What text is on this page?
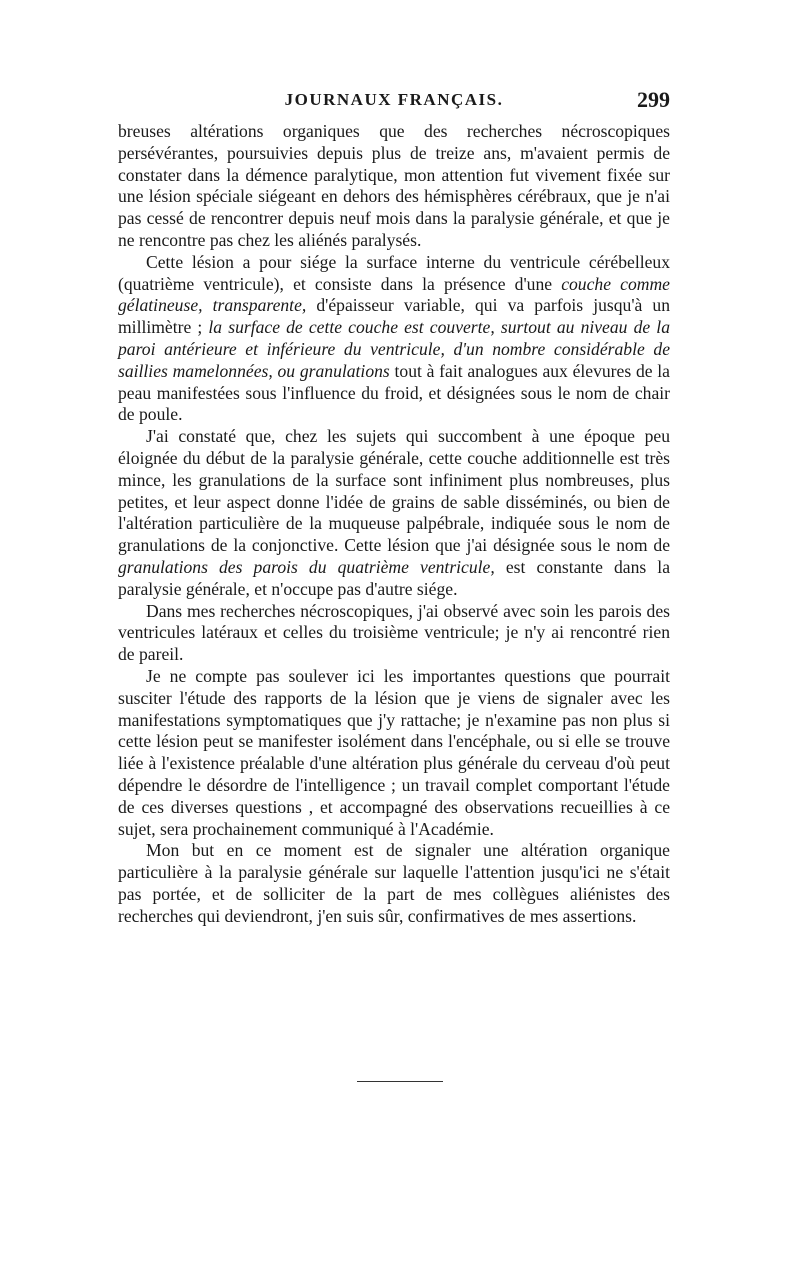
JOURNAUX FRANÇAIS.	299

breuses altérations organiques que des recherches nécroscopiques persévérantes, poursuivies depuis plus de treize ans, m'avaient permis de constater dans la démence paralytique, mon attention fut vivement fixée sur une lésion spéciale siégeant en dehors des hémisphères cérébraux, que je n'ai pas cessé de rencontrer depuis neuf mois dans la paralysie générale, et que je ne rencontre pas chez les aliénés paralysés.

Cette lésion a pour siége la surface interne du ventricule cérébelleux (quatrième ventricule), et consiste dans la présence d'une couche comme gélatineuse, transparente, d'épaisseur variable, qui va parfois jusqu'à un millimètre ; la surface de cette couche est couverte, surtout au niveau de la paroi antérieure et inférieure du ventricule, d'un nombre considérable de saillies mamelonnées, ou granulations tout à fait analogues aux élevures de la peau manifestées sous l'influence du froid, et désignées sous le nom de chair de poule.

J'ai constaté que, chez les sujets qui succombent à une époque peu éloignée du début de la paralysie générale, cette couche additionnelle est très mince, les granulations de la surface sont infiniment plus nombreuses, plus petites, et leur aspect donne l'idée de grains de sable disséminés, ou bien de l'altération particulière de la muqueuse palpébrale, indiquée sous le nom de granulations de la conjonctive. Cette lésion que j'ai désignée sous le nom de granulations des parois du quatrième ventricule, est constante dans la paralysie générale, et n'occupe pas d'autre siége.

Dans mes recherches nécroscopiques, j'ai observé avec soin les parois des ventricules latéraux et celles du troisième ventricule; je n'y ai rencontré rien de pareil.

Je ne compte pas soulever ici les importantes questions que pourrait susciter l'étude des rapports de la lésion que je viens de signaler avec les manifestations symptomatiques que j'y rattache; je n'examine pas non plus si cette lésion peut se manifester isolément dans l'encéphale, ou si elle se trouve liée à l'existence préalable d'une altération plus générale du cerveau d'où peut dépendre le désordre de l'intelligence ; un travail complet comportant l'étude de ces diverses questions , et accompagné des observations recueillies à ce sujet, sera prochainement communiqué à l'Académie.

Mon but en ce moment est de signaler une altération organique particulière à la paralysie générale sur laquelle l'attention jusqu'ici ne s'était pas portée, et de solliciter de la part de mes collègues aliénistes des recherches qui deviendront, j'en suis sûr, confirmatives de mes assertions.
